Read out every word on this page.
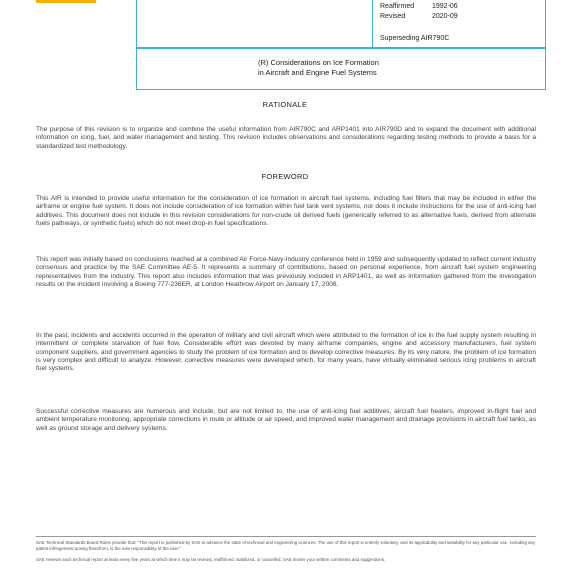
Reaffirmed	1992-06
Revised	2020-09
Superseding AIR790C
(R) Considerations on Ice Formation
in Aircraft and Engine Fuel Systems
RATIONALE

The purpose of this revision is to organize and combine the useful information from AIR790C and ARP1401 into AIR790D and to expand the document with additional information on icing, fuel, and water management and testing. This revision includes observations and considerations regarding testing methods to provide a basis for a standardized test methodology.

FOREWORD

This AIR is intended to provide useful information for the consideration of ice formation in aircraft fuel systems, including fuel filters that may be included in either the airframe or engine fuel system. It does not include consideration of ice formation within fuel tank vent systems, nor does it include instructions for the use of anti-icing fuel additives. This document does not include in this revision considerations for non-crude oil derived fuels (generically referred to as alternative fuels, derived from alternate fuels pathways, or synthetic fuels) which do not meet drop-in fuel specifications.

This report was initially based on conclusions reached at a combined Air Force-Navy-Industry conference held in 1959 and subsequently updated to reflect current industry consensus and practice by the SAE Committee AE-5. It represents a summary of contributions, based on personal experience, from aircraft fuel system engineering representatives from the industry. This report also includes information that was previously included in ARP1401, as well as information gathered from the investigation results on the incident involving a Boeing 777-236ER, at London Heathrow Airport on January 17, 2008.

In the past, incidents and accidents occurred in the operation of military and civil aircraft which were attributed to the formation of ice in the fuel supply system resulting in intermittent or complete starvation of fuel flow. Considerable effort was devoted by many airframe companies, engine and accessory manufacturers, fuel system component suppliers, and government agencies to study the problem of ice formation and to develop corrective measures. By its very nature, the problem of ice formation is very complex and difficult to analyze. However, corrective measures were developed which, for many years, have virtually eliminated serious icing problems in aircraft fuel systems.

Successful corrective measures are numerous and include, but are not limited to, the use of anti-icing fuel additives, aircraft fuel heaters, improved in-flight fuel and ambient temperature monitoring, appropriate corrections in route or altitude or air speed, and improved water management and drainage provisions in aircraft fuel tanks, as well as ground storage and delivery systems.

SAE Technical Standards Board Rules provide that: "This report is published by SAE to advance the state of technical and engineering sciences. The use of this report is entirely voluntary, and its applicability and suitability for any particular use, including any patent infringement arising therefrom, is the sole responsibility of the user."

SAE reviews each technical report at least every five years at which time it may be revised, reaffirmed, stabilized, or cancelled. SAE invites your written comments and suggestions.
